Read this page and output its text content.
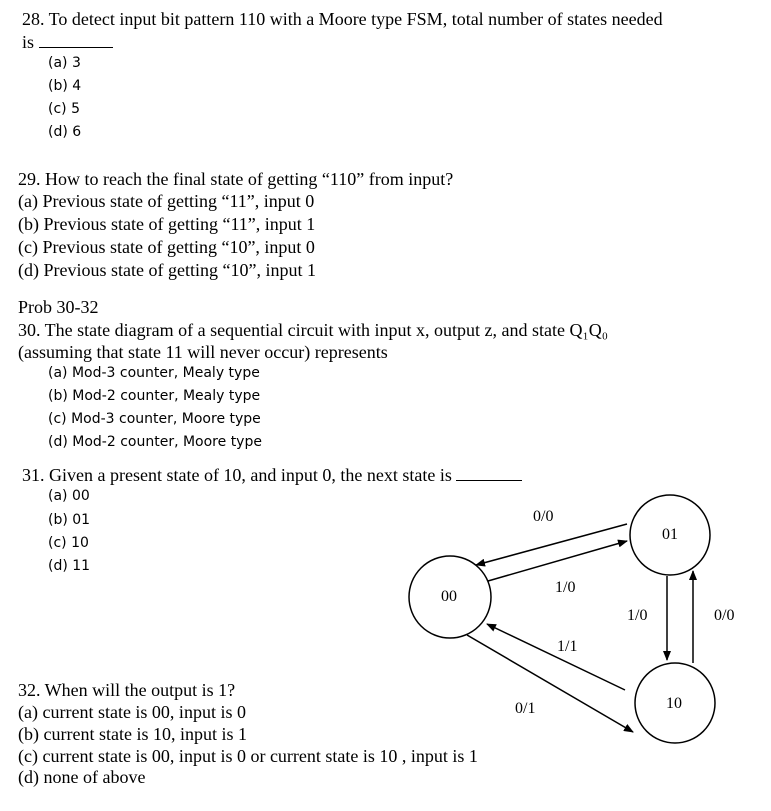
28. To detect input bit pattern 110 with a Moore type FSM, total number of states needed
is
(a) 3
(b) 4
(c) 5
(d) 6
29. How to reach the final state of getting “110” from input?
(a) Previous state of getting “11”, input 0
(b) Previous state of getting “11”, input 1
(c) Previous state of getting “10”, input 0
(d) Previous state of getting “10”, input 1
Prob 30-32
30. The state diagram of a sequential circuit with input x, output z, and state Q₁Q₀
(assuming that state 11 will never occur) represents
(a) Mod-3 counter, Mealy type
(b) Mod-2 counter, Mealy type
(c) Mod-3 counter, Moore type
(d) Mod-2 counter, Moore type
31. Given a present state of 10, and input 0, the next state is
(a) 00
(b) 01
(c) 10
(d) 11
32. When will the output is 1?
(a) current state is 00, input is 0
(b) current state is 10, input is 1
(c) current state is 00, input is 0 or current state is 10 , input is 1
(d) none of above
00
01
10
0/0
1/0
1/0	0/0
1/1
0/1
